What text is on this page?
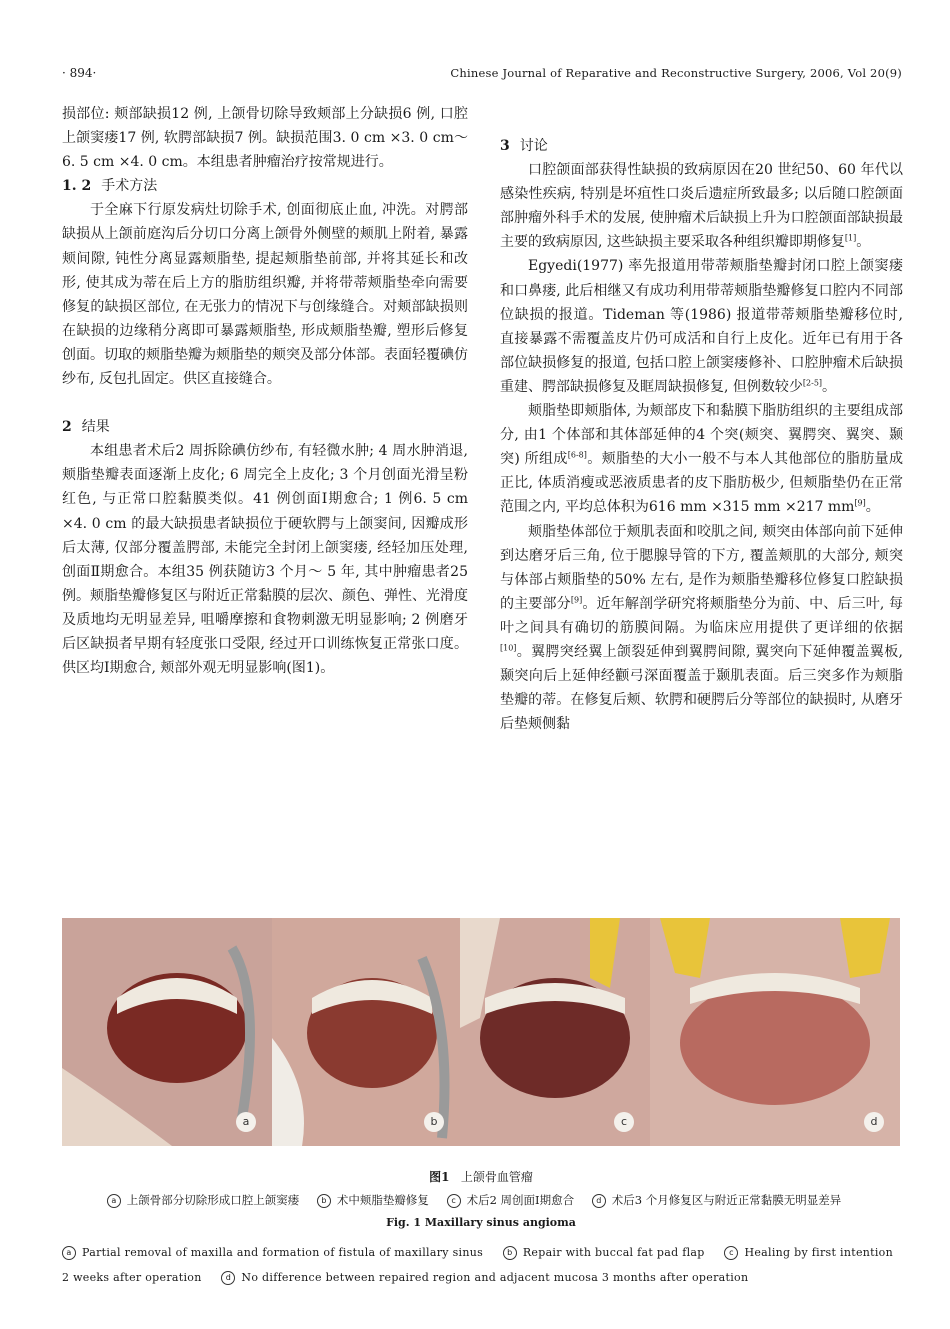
· 894·	Chinese Journal of Reparative and Reconstructive Surgery, 2006, Vol 20(9)

损部位: 颊部缺损12 例, 上颌骨切除导致颊部上分缺损6 例, 口腔上颌窦瘘17 例, 软腭部缺损7 例。缺损范围3. 0 cm ×3. 0 cm～ 6. 5 cm ×4. 0 cm。本组患者肿瘤治疗按常规进行。

1. 2 手术方法

于全麻下行原发病灶切除手术, 创面彻底止血, 冲洗。对腭部缺损从上颌前庭沟后分切口分离上颌骨外侧壁的颊肌上附着, 暴露颊间隙, 钝性分离显露颊脂垫, 提起颊脂垫前部, 并将其延长和改形, 使其成为蒂在后上方的脂肪组织瓣, 并将带蒂颊脂垫牵向需要修复的缺损区部位, 在无张力的情况下与创缘缝合。对颊部缺损则在缺损的边缘稍分离即可暴露颊脂垫, 形成颊脂垫瓣, 塑形后修复创面。切取的颊脂垫瓣为颊脂垫的颊突及部分体部。表面轻覆碘仿纱布, 反包扎固定。供区直接缝合。

2 结果

本组患者术后2 周拆除碘仿纱布, 有轻微水肿; 4 周水肿消退, 颊脂垫瓣表面逐渐上皮化; 6 周完全上皮化; 3 个月创面光滑呈粉红色, 与正常口腔黏膜类似。41 例创面Ⅰ期愈合; 1 例6. 5 cm ×4. 0 cm 的最大缺损患者缺损位于硬软腭与上颌窦间, 因瓣成形后太薄, 仅部分覆盖腭部, 未能完全封闭上颌窦瘘, 经轻加压处理, 创面Ⅱ期愈合。本组35 例获随访3 个月～ 5 年, 其中肿瘤患者25 例。颊脂垫瓣修复区与附近正常黏膜的层次、颜色、弹性、光滑度及质地均无明显差异, 咀嚼摩擦和食物刺激无明显影响; 2 例磨牙后区缺损者早期有轻度张口受限, 经过开口训练恢复正常张口度。供区均Ⅰ期愈合, 颊部外观无明显影响(图1)。

3 讨论

口腔颌面部获得性缺损的致病原因在20 世纪50、60 年代以感染性疾病, 特别是坏疽性口炎后遗症所致最多; 以后随口腔颌面部肿瘤外科手术的发展, 使肿瘤术后缺损上升为口腔颌面部缺损最主要的致病原因, 这些缺损主要采取各种组织瓣即期修复[1]。

Egyedi(1977) 率先报道用带蒂颊脂垫瓣封闭口腔上颌窦瘘和口鼻瘘, 此后相继又有成功利用带蒂颊脂垫瓣修复口腔内不同部位缺损的报道。Tideman 等(1986) 报道带蒂颊脂垫瓣移位时, 直接暴露不需覆盖皮片仍可成活和自行上皮化。近年已有用于各部位缺损修复的报道, 包括口腔上颌窦瘘修补、口腔肿瘤术后缺损重建、腭部缺损修复及眶周缺损修复, 但例数较少[2-5]。

颊脂垫即颊脂体, 为颊部皮下和黏膜下脂肪组织的主要组成部分, 由1 个体部和其体部延伸的4 个突(颊突、翼腭突、翼突、颞突) 所组成[6-8]。颊脂垫的大小一般不与本人其他部位的脂肪量成正比, 体质消瘦或恶液质患者的皮下脂肪极少, 但颊脂垫仍在正常范围之内, 平均总体积为616 mm ×315 mm ×217 mm[9]。

颊脂垫体部位于颊肌表面和咬肌之间, 颊突由体部向前下延伸到达磨牙后三角, 位于腮腺导管的下方, 覆盖颊肌的大部分, 颊突与体部占颊脂垫的50% 左右, 是作为颊脂垫瓣移位修复口腔缺损的主要部分[9]。近年解剖学研究将颊脂垫分为前、中、后三叶, 每叶之间具有确切的筋膜间隔。为临床应用提供了更详细的依据[10]。翼腭突经翼上颌裂延伸到翼腭间隙, 翼突向下延伸覆盖翼板, 颞突向后上延伸经颧弓深面覆盖于颞肌表面。后三突多作为颊脂垫瓣的蒂。在修复后颊、软腭和硬腭后分等部位的缺损时, 从磨牙后垫颊侧黏

a	b	c	d
图1 上颌骨血管瘤
a 上颌骨部分切除形成口腔上颌窦瘘	b 术中颊脂垫瓣修复	c 术后2 周创面Ⅰ期愈合	d 术后3 个月修复区与附近正常黏膜无明显差异
Fig. 1 Maxillary sinus angioma
a Partial removal of maxilla and formation of fistula of maxillary sinus	b Repair with buccal fat pad flap	c Healing by first intention 2 weeks after operation	d No difference between repaired region and adjacent mucosa 3 months after operation
